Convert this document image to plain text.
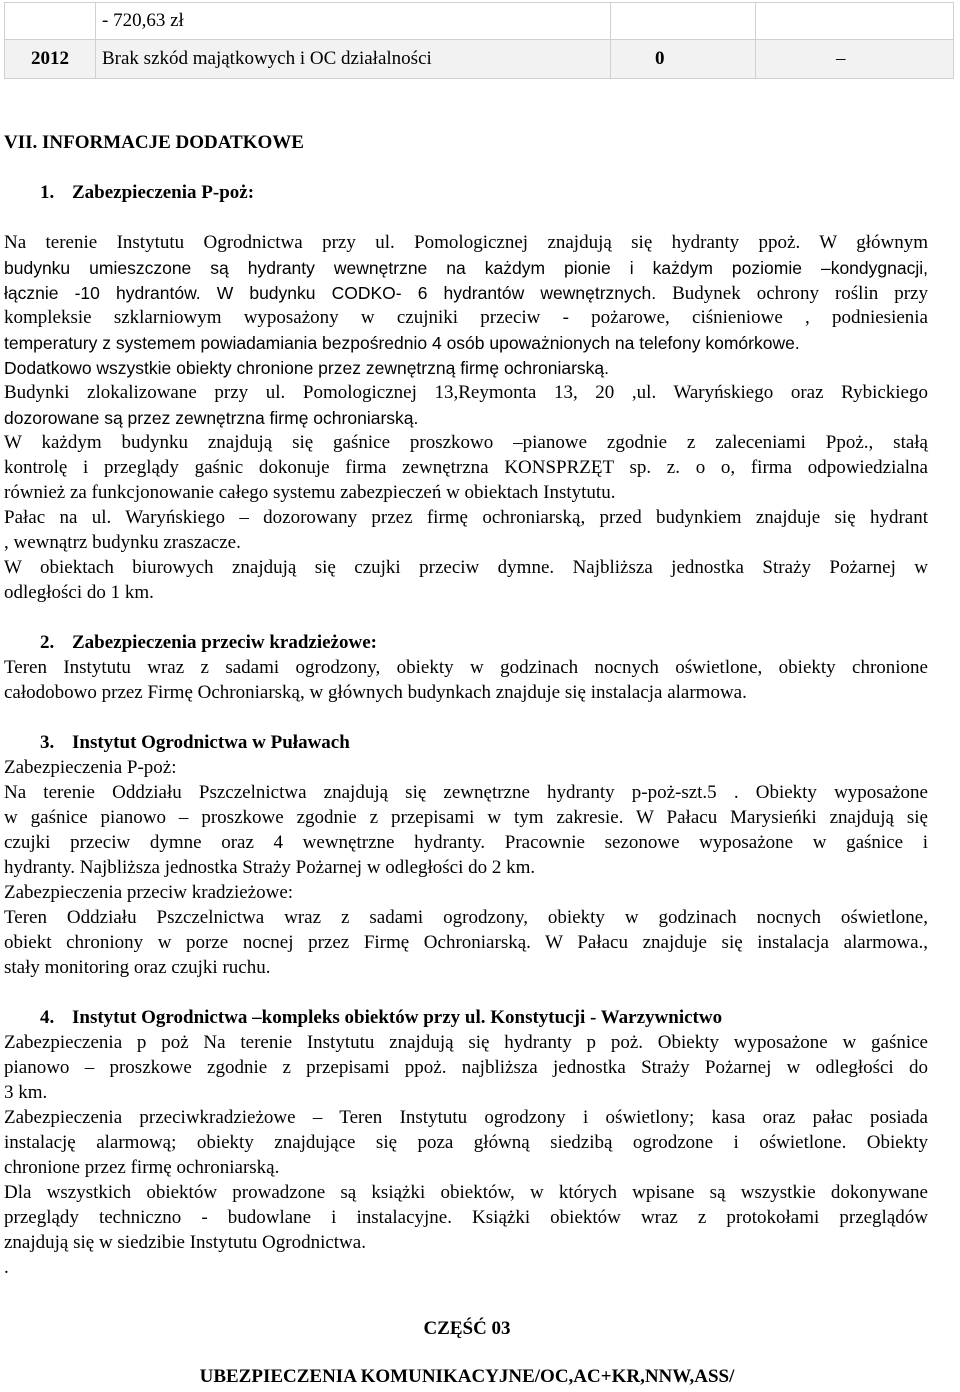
	- 720,63 zł		
2012	Brak szkód majątkowych i OC działalności	0	–
VII. INFORMACJE DODATKOWE
1. Zabezpieczenia P-poż:
Na terenie Instytutu Ogrodnictwa przy ul. Pomologicznej znajdują się hydranty ppoż. W głównym
budynku umieszczone są hydranty wewnętrzne na każdym pionie i każdym poziomie –kondygnacji,
łącznie -10 hydrantów. W budynku CODKO- 6 hydrantów wewnętrznych. Budynek ochrony roślin przy
kompleksie szklarniowym wyposażony w czujniki przeciw - pożarowe, ciśnieniowe , podniesienia
temperatury z systemem powiadamiania bezpośrednio 4 osób upoważnionych na telefony komórkowe.
Dodatkowo wszystkie obiekty chronione przez zewnętrzną firmę ochroniarską.
Budynki zlokalizowane przy ul. Pomologicznej 13,Reymonta 13, 20 ,ul. Waryńskiego oraz Rybickiego
dozorowane są przez zewnętrzna firmę ochroniarską.
W każdym budynku znajdują się gaśnice proszkowo –pianowe zgodnie z zaleceniami Ppoż., stałą
kontrolę i przeglądy gaśnic dokonuje firma zewnętrzna KONSPRZĘT sp. z. o o, firma odpowiedzialna
również za funkcjonowanie całego systemu zabezpieczeń w obiektach Instytutu.
Pałac na ul. Waryńskiego – dozorowany przez firmę ochroniarską, przed budynkiem znajduje się hydrant
, wewnątrz budynku zraszacze.
W obiektach biurowych znajdują się czujki przeciw dymne. Najbliższa jednostka Straży Pożarnej w
odległości do 1 km.
2. Zabezpieczenia przeciw kradzieżowe:
Teren Instytutu wraz z sadami ogrodzony, obiekty w godzinach nocnych oświetlone, obiekty chronione
całodobowo przez Firmę Ochroniarską, w głównych budynkach znajduje się instalacja alarmowa.
3. Instytut Ogrodnictwa w Puławach
Zabezpieczenia P-poż:
Na terenie Oddziału Pszczelnictwa znajdują się zewnętrzne hydranty p-poż-szt.5 . Obiekty wyposażone
w gaśnice pianowo – proszkowe zgodnie z przepisami w tym zakresie. W Pałacu Marysieńki znajdują się
czujki przeciw dymne oraz 4 wewnętrzne hydranty. Pracownie sezonowe wyposażone w gaśnice i
hydranty. Najbliższa jednostka Straży Pożarnej w odległości do 2 km.
Zabezpieczenia przeciw kradzieżowe:
Teren Oddziału Pszczelnictwa wraz z sadami ogrodzony, obiekty w godzinach nocnych oświetlone,
obiekt chroniony w porze nocnej przez Firmę Ochroniarską. W Pałacu znajduje się instalacja alarmowa.,
stały monitoring oraz czujki ruchu.
4. Instytut Ogrodnictwa –kompleks obiektów przy ul. Konstytucji - Warzywnictwo
Zabezpieczenia p poż Na terenie Instytutu znajdują się hydranty p poż. Obiekty wyposażone w gaśnice
pianowo – proszkowe zgodnie z przepisami ppoż. najbliższa jednostka Straży Pożarnej w odległości do
3 km.
Zabezpieczenia przeciwkradzieżowe – Teren Instytutu ogrodzony i oświetlony; kasa oraz pałac posiada
instalację alarmową; obiekty znajdujące się poza główną siedzibą ogrodzone i oświetlone. Obiekty
chronione przez firmę ochroniarską.
Dla wszystkich obiektów prowadzone są książki obiektów, w których wpisane są wszystkie dokonywane
przeglądy techniczno - budowlane i instalacyjne. Książki obiektów wraz z protokołami przeglądów
znajdują się w siedzibie Instytutu Ogrodnictwa.
.
CZĘŚĆ 03
UBEZPIECZENIA KOMUNIKACYJNE/OC,AC+KR,NNW,ASS/
